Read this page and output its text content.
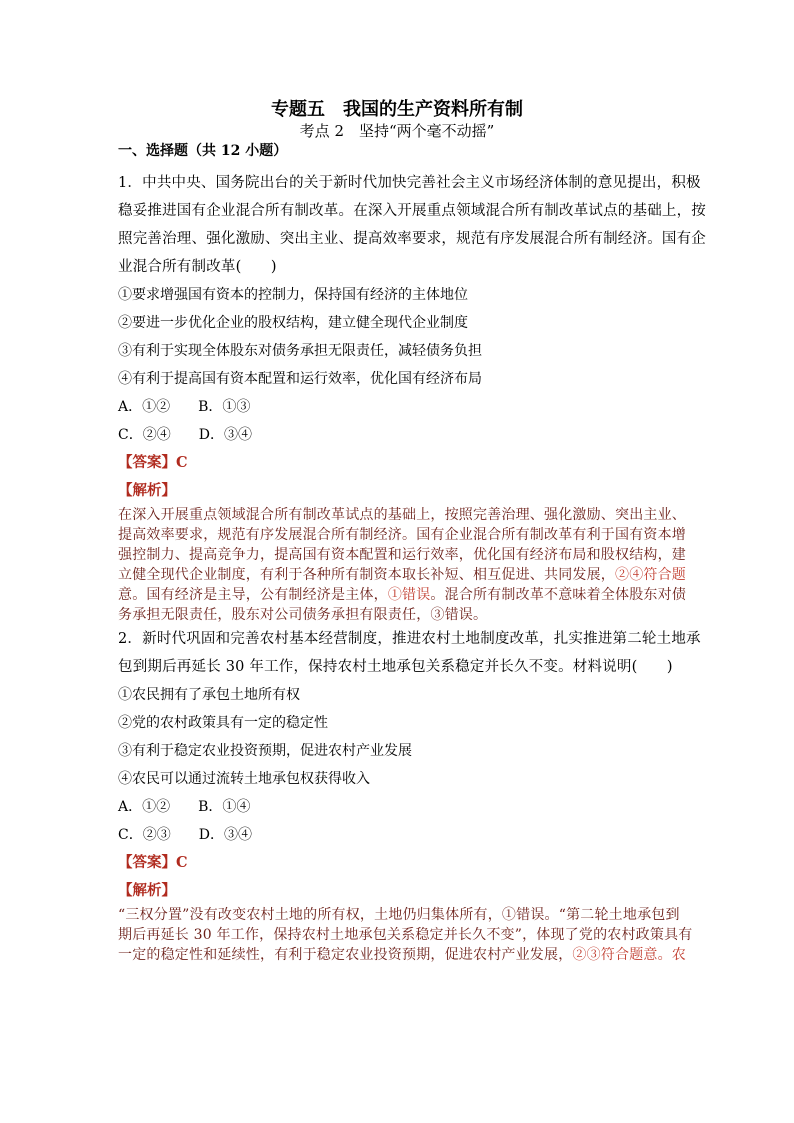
专题五　我国的生产资料所有制
考点 2　坚持“两个毫不动摇”
一、选择题（共 12 小题）
1．中共中央、国务院出台的关于新时代加快完善社会主义市场经济体制的意见提出，积极
稳妥推进国有企业混合所有制改革。在深入开展重点领域混合所有制改革试点的基础上，按
照完善治理、强化激励、突出主业、提高效率要求，规范有序发展混合所有制经济。国有企
业混合所有制改革(　　)
①要求增强国有资本的控制力，保持国有经济的主体地位
②要进一步优化企业的股权结构，建立健全现代企业制度
③有利于实现全体股东对债务承担无限责任，减轻债务负担
④有利于提高国有资本配置和运行效率，优化国有经济布局
A．①② B．①③
C．②④ D．③④
【答案】C
【解析】
在深入开展重点领域混合所有制改革试点的基础上，按照完善治理、强化激励、突出主业、
提高效率要求，规范有序发展混合所有制经济。国有企业混合所有制改革有利于国有资本增
强控制力、提高竞争力，提高国有资本配置和运行效率，优化国有经济布局和股权结构，建
立健全现代企业制度，有利于各种所有制资本取长补短、相互促进、共同发展，②④符合题
意。国有经济是主导，公有制经济是主体，①错误。混合所有制改革不意味着全体股东对债
务承担无限责任，股东对公司债务承担有限责任，③错误。
2．新时代巩固和完善农村基本经营制度，推进农村土地制度改革，扎实推进第二轮土地承
包到期后再延长 30 年工作，保持农村土地承包关系稳定并长久不变。材料说明(　　)
①农民拥有了承包土地所有权
②党的农村政策具有一定的稳定性
③有利于稳定农业投资预期，促进农村产业发展
④农民可以通过流转土地承包权获得收入
A．①② B．①④
C．②③ D．③④
【答案】C
【解析】
“三权分置”没有改变农村土地的所有权，土地仍归集体所有，①错误。“第二轮土地承包到
期后再延长 30 年工作，保持农村土地承包关系稳定并长久不变”，体现了党的农村政策具有
一定的稳定性和延续性，有利于稳定农业投资预期，促进农村产业发展，②③符合题意。农
